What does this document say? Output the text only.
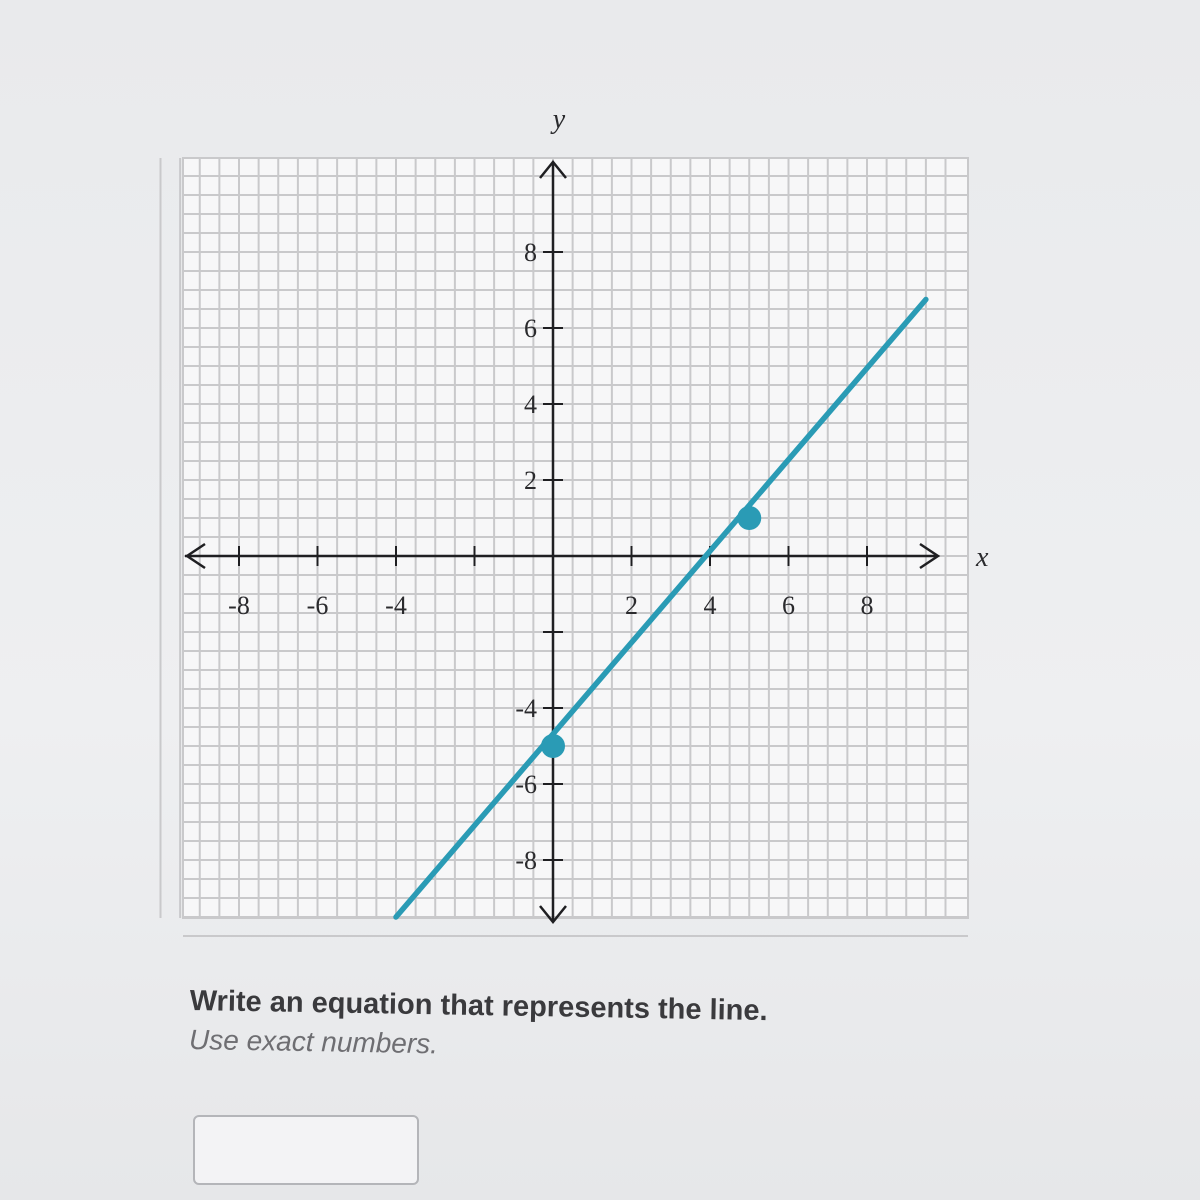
x
y
-8 -6 -4	2	4	6	8
8
6
4
2
-4
-6
-8

Write an equation that represents the line.

Use exact numbers.
